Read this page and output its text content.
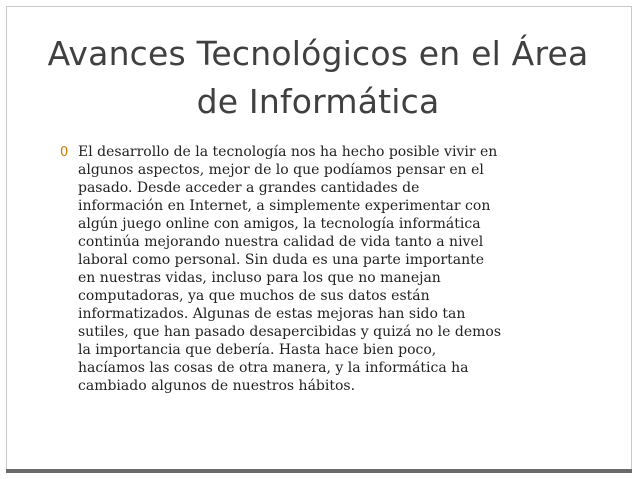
Avances Tecnológicos en el Área
de Informática
0 El desarrollo de la tecnología nos ha hecho posible vivir en
algunos aspectos, mejor de lo que podíamos pensar en el
pasado. Desde acceder a grandes cantidades de
información en Internet, a simplemente experimentar con
algún juego online con amigos, la tecnología informática
continúa mejorando nuestra calidad de vida tanto a nivel
laboral como personal. Sin duda es una parte importante
en nuestras vidas, incluso para los que no manejan
computadoras, ya que muchos de sus datos están
informatizados. Algunas de estas mejoras han sido tan
sutiles, que han pasado desapercibidas y quizá no le demos
la importancia que debería. Hasta hace bien poco,
hacíamos las cosas de otra manera, y la informática ha
cambiado algunos de nuestros hábitos.
